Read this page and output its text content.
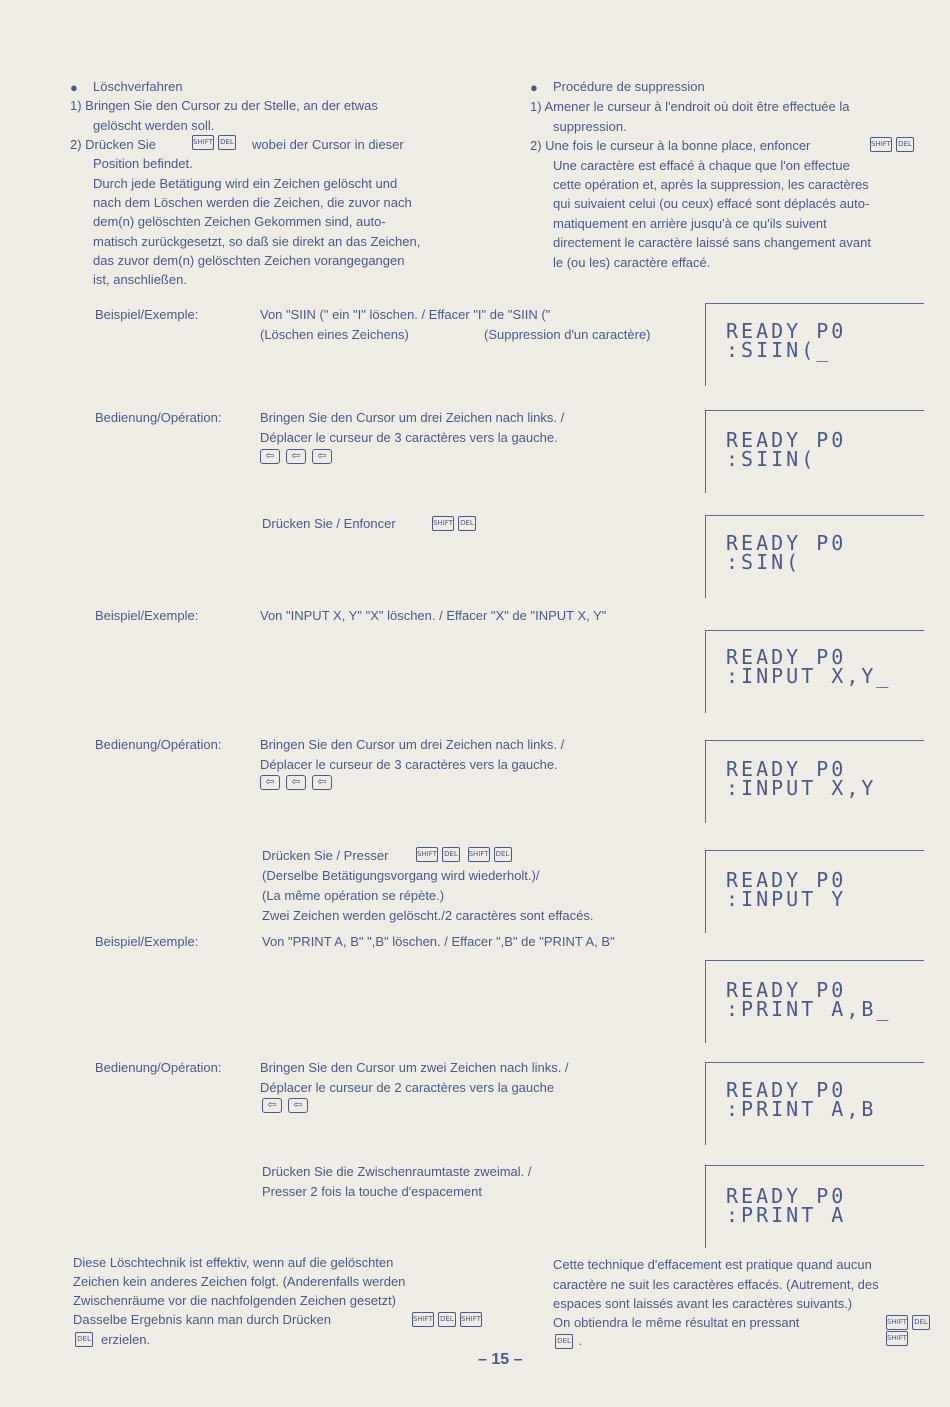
● Löschverfahren
1) Bringen Sie den Cursor zu der Stelle, an der etwas
gelöscht werden soll.
2) Drücken Sie	SHIFT DEL	wobei der Cursor in dieser
Position befindet.
Durch jede Betätigung wird ein Zeichen gelöscht und
nach dem Löschen werden die Zeichen, die zuvor nach
dem(n) gelöschten Zeichen Gekommen sind, auto-
matisch zurückgesetzt, so daß sie direkt an das Zeichen,
das zuvor dem(n) gelöschten Zeichen vorangegangen
ist, anschließen.
● Procédure de suppression
1) Amener le curseur à l'endroit où doit être effectuée la
suppression.
2) Une fois le curseur à la bonne place, enfoncer	SHIFT DEL
Une caractère est effacé à chaque que l'on effectue
cette opération et, après la suppression, les caractères
qui suivaient celui (ou ceux) effacé sont déplacés auto-
matiquement en arrière jusqu'à ce qu'ils suivent
directement le caractère laissé sans changement avant
le (ou les) caractère effacé.
Beispiel/Exemple:	Von "SIIN (" ein "I" löschen. / Effacer "I" de "SIIN ("
(Löschen eines Zeichens)	(Suppression d'un caractère)
Bedienung/Opération:	Bringen Sie den Cursor um drei Zeichen nach links. /
Déplacer le curseur de 3 caractères vers la gauche.
⇦ ⇦ ⇦
Drücken Sie / Enfoncer	SHIFT DEL
Beispiel/Exemple:	Von "INPUT X, Y" "X" löschen. / Effacer "X" de "INPUT X, Y"
Bedienung/Opération:	Bringen Sie den Cursor um drei Zeichen nach links. /
Déplacer le curseur de 3 caractères vers la gauche.
⇦ ⇦ ⇦
Drücken Sie / Presser	SHIFT DEL SHIFT DEL
(Derselbe Betätigungsvorgang wird wiederholt.)/
(La même opération se répète.)
Zwei Zeichen werden gelöscht./2 caractères sont effacés.
Beispiel/Exemple:	Von "PRINT A, B" ",B" löschen. / Effacer ",B" de "PRINT A, B"
Bedienung/Opération:	Bringen Sie den Cursor um zwei Zeichen nach links. /
Déplacer le curseur de 2 caractères vers la gauche
⇦ ⇦
Drücken Sie die Zwischenraumtaste zweimal. /
Presser 2 fois la touche d'espacement
READY P0
:SIIN(_
READY P0
:SIIN(
READY P0
:SIN(
READY P0
:INPUT X,Y_
READY P0
:INPUT X,Y
READY P0
:INPUT Y
READY P0
:PRINT A,B_
READY P0
:PRINT A,B
READY P0
:PRINT A
Diese Löschtechnik ist effektiv, wenn auf die gelöschten
Zeichen kein anderes Zeichen folgt. (Anderenfalls werden
Zwischenräume vor die nachfolgenden Zeichen gesetzt)
Dasselbe Ergebnis kann man durch Drücken	SHIFT DEL SHIFT
DEL erzielen.
Cette technique d'effacement est pratique quand aucun
caractère ne suit les caractères effacés. (Autrement, des
espaces sont laissés avant les caractères suivants.)
On obtiendra le même résultat en pressant	SHIFT DELSHIFT
DEL .
– 15 –
